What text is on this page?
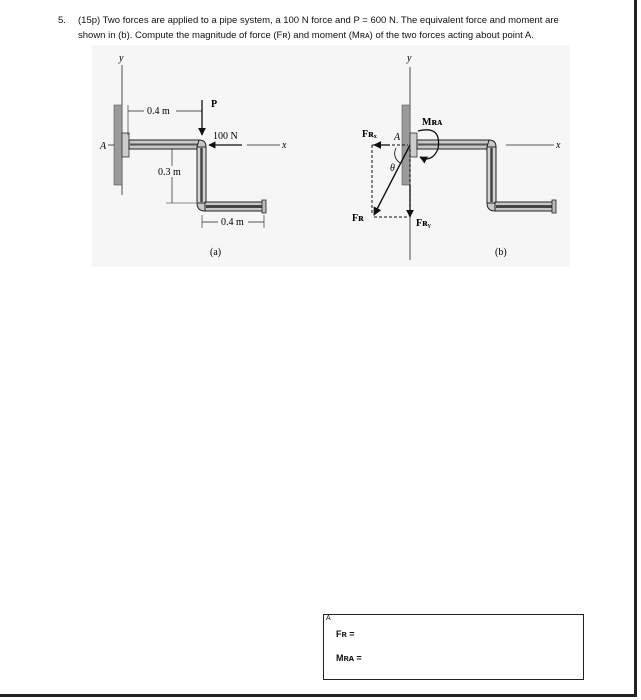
5. (15p) Two forces are applied to a pipe system, a 100 N force and P = 600 N. The equivalent force and moment are
shown in (b). Compute the magnitude of force (Fʀ) and moment (Mʀᴀ) of the two forces acting about point A.
y
x
A
0.4 m
P
100 N
0.3 m
0.4 m
(a)
y
x
A
Fʀₓ
Fʀᵧ
Fʀ
θ
Mʀᴀ
(b)
A
Fʀ =
Mʀᴀ =
